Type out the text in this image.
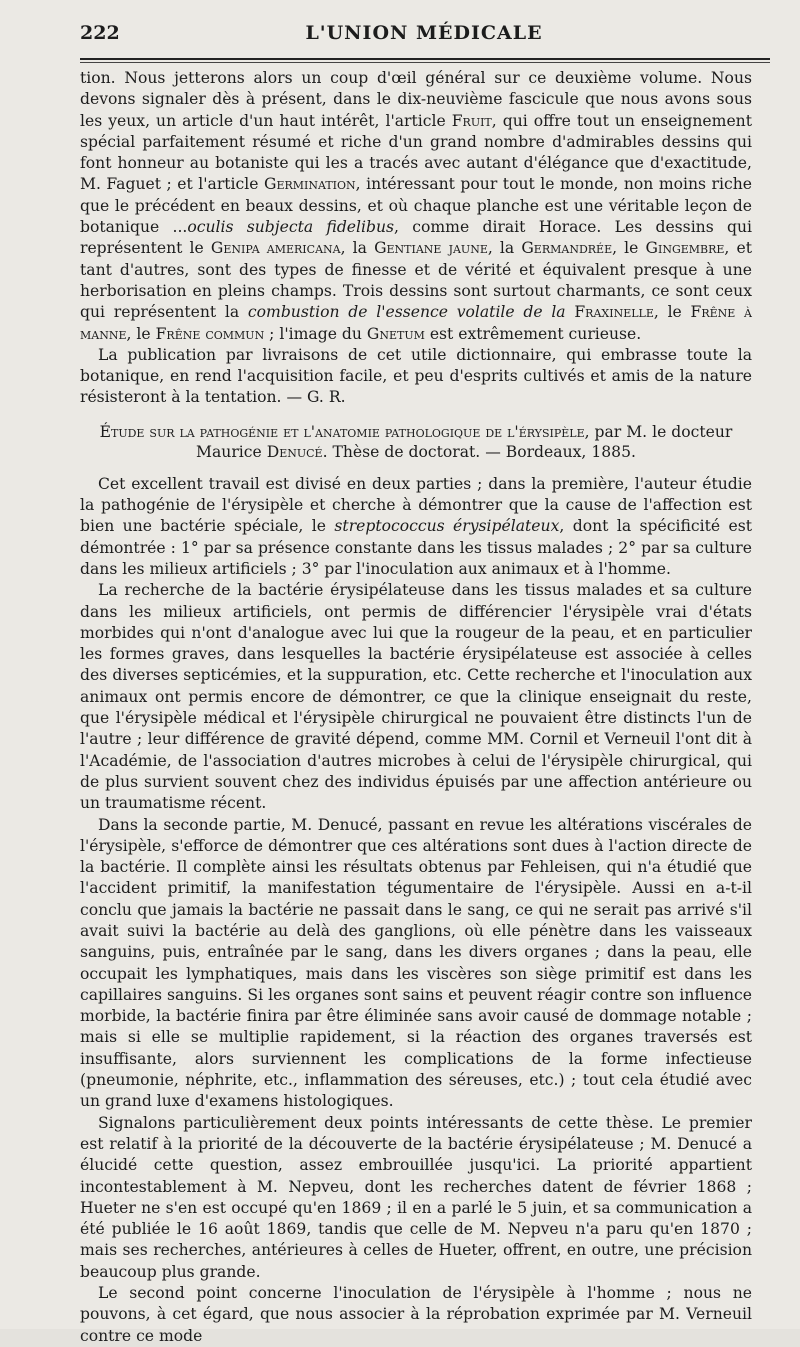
222	L'UNION MÉDICALE

tion. Nous jetterons alors un coup d'œil général sur ce deuxième volume. Nous devons signaler dès à présent, dans le dix-neuvième fascicule que nous avons sous les yeux, un article d'un haut intérêt, l'article Fruit, qui offre tout un enseignement spécial parfaitement résumé et riche d'un grand nombre d'admirables dessins qui font honneur au botaniste qui les a tracés avec autant d'élégance que d'exactitude, M. Faguet ; et l'article Germination, intéressant pour tout le monde, non moins riche que le précédent en beaux dessins, et où chaque planche est une véritable leçon de botanique ...oculis subjecta fidelibus, comme dirait Horace. Les dessins qui représentent le Genipa americana, la Gentiane jaune, la Germandrée, le Gingembre, et tant d'autres, sont des types de finesse et de vérité et équivalent presque à une herborisation en pleins champs. Trois dessins sont surtout charmants, ce sont ceux qui représentent la combustion de l'essence volatile de la Fraxinelle, le Frêne à manne, le Frêne commun ; l'image du Gnetum est extrêmement curieuse.

La publication par livraisons de cet utile dictionnaire, qui embrasse toute la botanique, en rend l'acquisition facile, et peu d'esprits cultivés et amis de la nature résisteront à la tentation. — G. R.

Étude sur la pathogénie et l'anatomie pathologique de l'érysipèle, par M. le docteur Maurice Denucé. Thèse de doctorat. — Bordeaux, 1885.

Cet excellent travail est divisé en deux parties ; dans la première, l'auteur étudie la pathogénie de l'érysipèle et cherche à démontrer que la cause de l'affection est bien une bactérie spéciale, le streptococcus érysipélateux, dont la spécificité est démontrée : 1° par sa présence constante dans les tissus malades ; 2° par sa culture dans les milieux artificiels ; 3° par l'inoculation aux animaux et à l'homme.

La recherche de la bactérie érysipélateuse dans les tissus malades et sa culture dans les milieux artificiels, ont permis de différencier l'érysipèle vrai d'états morbides qui n'ont d'analogue avec lui que la rougeur de la peau, et en particulier les formes graves, dans lesquelles la bactérie érysipélateuse est associée à celles des diverses septicémies, et la suppuration, etc. Cette recherche et l'inoculation aux animaux ont permis encore de démontrer, ce que la clinique enseignait du reste, que l'érysipèle médical et l'érysipèle chirurgical ne pouvaient être distincts l'un de l'autre ; leur différence de gravité dépend, comme MM. Cornil et Verneuil l'ont dit à l'Académie, de l'association d'autres microbes à celui de l'érysipèle chirurgical, qui de plus survient souvent chez des individus épuisés par une affection antérieure ou un traumatisme récent.

Dans la seconde partie, M. Denucé, passant en revue les altérations viscérales de l'érysipèle, s'efforce de démontrer que ces altérations sont dues à l'action directe de la bactérie. Il complète ainsi les résultats obtenus par Fehleisen, qui n'a étudié que l'accident primitif, la manifestation tégumentaire de l'érysipèle. Aussi en a-t-il conclu que jamais la bactérie ne passait dans le sang, ce qui ne serait pas arrivé s'il avait suivi la bactérie au delà des ganglions, où elle pénètre dans les vaisseaux sanguins, puis, entraînée par le sang, dans les divers organes ; dans la peau, elle occupait les lymphatiques, mais dans les viscères son siège primitif est dans les capillaires sanguins. Si les organes sont sains et peuvent réagir contre son influence morbide, la bactérie finira par être éliminée sans avoir causé de dommage notable ; mais si elle se multiplie rapidement, si la réaction des organes traversés est insuffisante, alors surviennent les complications de la forme infectieuse (pneumonie, néphrite, etc., inflammation des séreuses, etc.) ; tout cela étudié avec un grand luxe d'examens histologiques.

Signalons particulièrement deux points intéressants de cette thèse. Le premier est relatif à la priorité de la découverte de la bactérie érysipélateuse ; M. Denucé a élucidé cette question, assez embrouillée jusqu'ici. La priorité appartient incontestablement à M. Nepveu, dont les recherches datent de février 1868 ; Hueter ne s'en est occupé qu'en 1869 ; il en a parlé le 5 juin, et sa communication a été publiée le 16 août 1869, tandis que celle de M. Nepveu n'a paru qu'en 1870 ; mais ses recherches, antérieures à celles de Hueter, offrent, en outre, une précision beaucoup plus grande.

Le second point concerne l'inoculation de l'érysipèle à l'homme ; nous ne pouvons, à cet égard, que nous associer à la réprobation exprimée par M. Verneuil contre ce mode
